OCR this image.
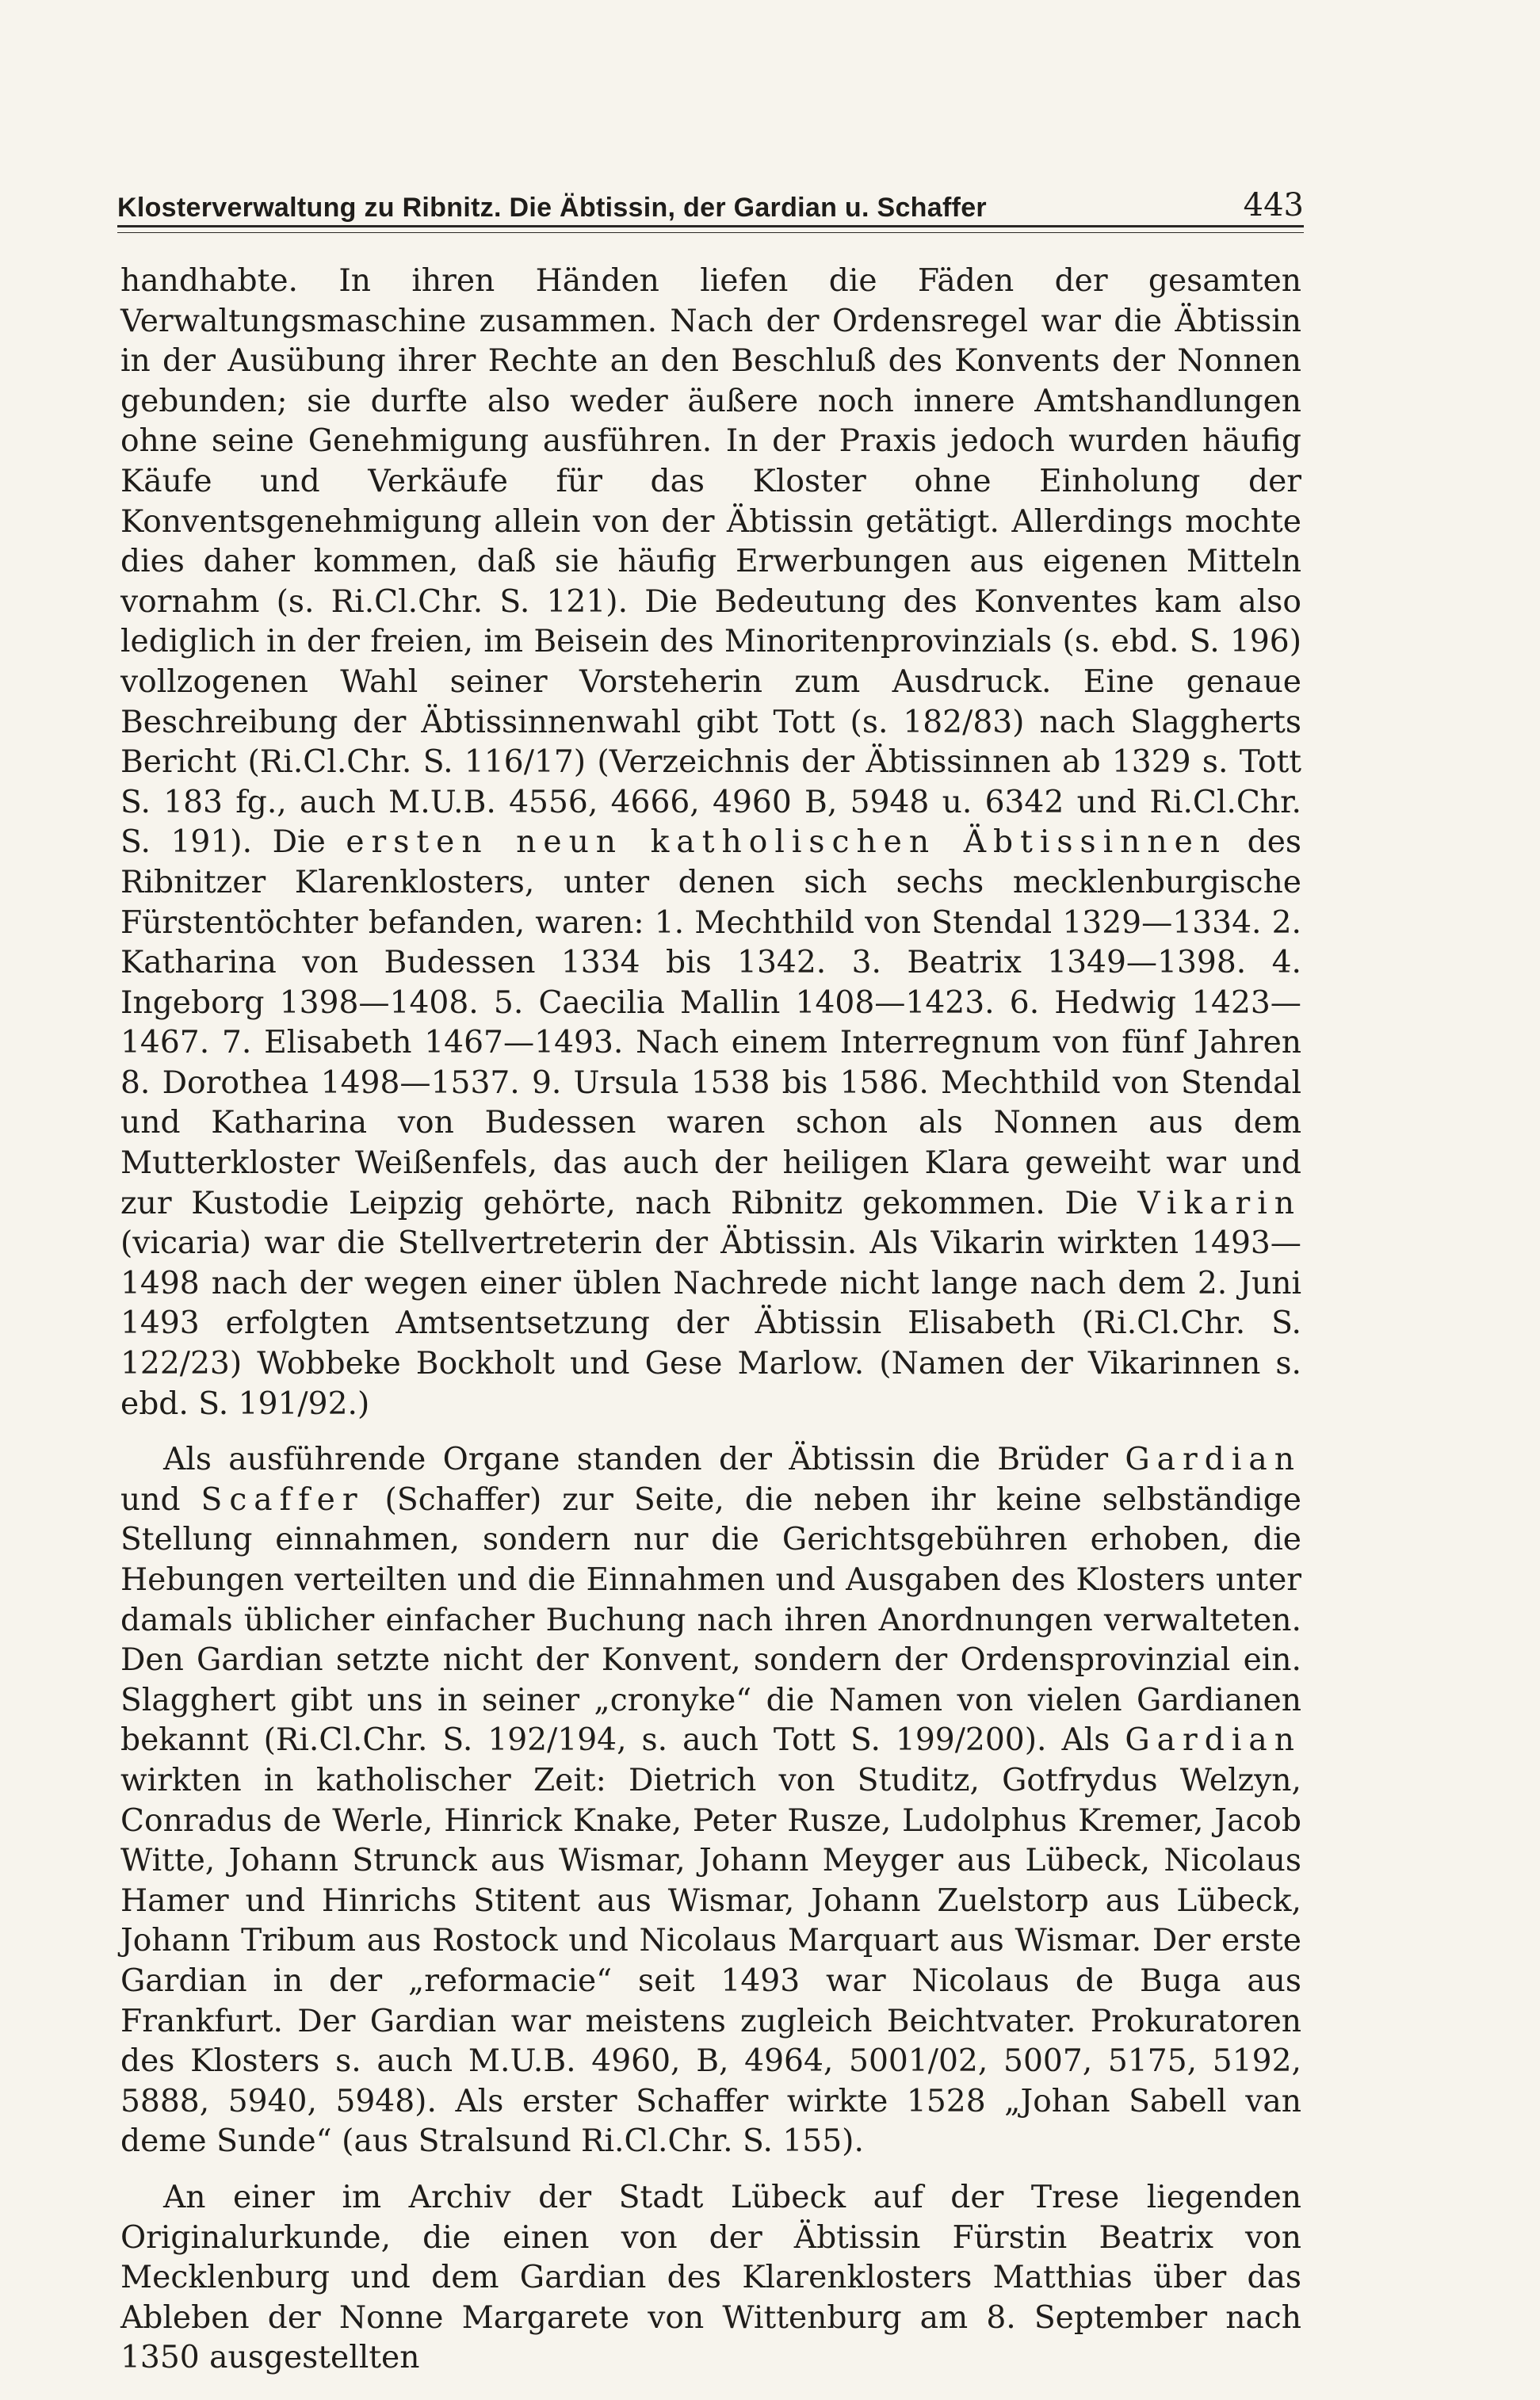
Klosterverwaltung zu Ribnitz. Die Äbtissin, der Gardian u. Schaffer	443

handhabte. In ihren Händen liefen die Fäden der gesamten Verwaltungsmaschine zusammen. Nach der Ordensregel war die Äbtissin in der Ausübung ihrer Rechte an den Beschluß des Konvents der Nonnen gebunden; sie durfte also weder äußere noch innere Amtshandlungen ohne seine Genehmigung ausführen. In der Praxis jedoch wurden häufig Käufe und Verkäufe für das Kloster ohne Einholung der Konventsgenehmigung allein von der Äbtissin getätigt. Allerdings mochte dies daher kommen, daß sie häufig Erwerbungen aus eigenen Mitteln vornahm (s. Ri.Cl.Chr. S. 121). Die Bedeutung des Konventes kam also lediglich in der freien, im Beisein des Minoritenprovinzials (s. ebd. S. 196) vollzogenen Wahl seiner Vorsteherin zum Ausdruck. Eine genaue Beschreibung der Äbtissinnenwahl gibt Tott (s. 182/83) nach Slaggherts Bericht (Ri.Cl.Chr. S. 116/17) (Verzeichnis der Äbtissinnen ab 1329 s. Tott S. 183 fg., auch M.U.B. 4556, 4666, 4960 B, 5948 u. 6342 und Ri.Cl.Chr. S. 191). Die ersten neun katholischen Äbtissinnen des Ribnitzer Klarenklosters, unter denen sich sechs mecklenburgische Fürstentöchter befanden, waren: 1. Mechthild von Stendal 1329—1334. 2. Katharina von Budessen 1334 bis 1342. 3. Beatrix 1349—1398. 4. Ingeborg 1398—1408. 5. Caecilia Mallin 1408—1423. 6. Hedwig 1423—1467. 7. Elisabeth 1467—1493. Nach einem Interregnum von fünf Jahren 8. Dorothea 1498—1537. 9. Ursula 1538 bis 1586. Mechthild von Stendal und Katharina von Budessen waren schon als Nonnen aus dem Mutterkloster Weißenfels, das auch der heiligen Klara geweiht war und zur Kustodie Leipzig gehörte, nach Ribnitz gekommen. Die Vikarin (vicaria) war die Stellvertreterin der Äbtissin. Als Vikarin wirkten 1493—1498 nach der wegen einer üblen Nachrede nicht lange nach dem 2. Juni 1493 erfolgten Amtsentsetzung der Äbtissin Elisabeth (Ri.Cl.Chr. S. 122/23) Wobbeke Bockholt und Gese Marlow. (Namen der Vikarinnen s. ebd. S. 191/92.)

Als ausführende Organe standen der Äbtissin die Brüder Gardian und Scaffer (Schaffer) zur Seite, die neben ihr keine selbständige Stellung einnahmen, sondern nur die Gerichtsgebühren erhoben, die Hebungen verteilten und die Einnahmen und Ausgaben des Klosters unter damals üblicher einfacher Buchung nach ihren Anordnungen verwalteten. Den Gardian setzte nicht der Konvent, sondern der Ordensprovinzial ein. Slagghert gibt uns in seiner „cronyke“ die Namen von vielen Gardianen bekannt (Ri.Cl.Chr. S. 192/194, s. auch Tott S. 199/200). Als Gardian wirkten in katholischer Zeit: Dietrich von Studitz, Gotfrydus Welzyn, Conradus de Werle, Hinrick Knake, Peter Rusze, Ludolphus Kremer, Jacob Witte, Johann Strunck aus Wismar, Johann Meyger aus Lübeck, Nicolaus Hamer und Hinrichs Stitent aus Wismar, Johann Zuelstorp aus Lübeck, Johann Tribum aus Rostock und Nicolaus Marquart aus Wismar. Der erste Gardian in der „reformacie“ seit 1493 war Nicolaus de Buga aus Frankfurt. Der Gardian war meistens zugleich Beichtvater. Prokuratoren des Klosters s. auch M.U.B. 4960, B, 4964, 5001/02, 5007, 5175, 5192, 5888, 5940, 5948). Als erster Schaffer wirkte 1528 „Johan Sabell van deme Sunde“ (aus Stralsund Ri.Cl.Chr. S. 155).

An einer im Archiv der Stadt Lübeck auf der Trese liegenden Originalurkunde, die einen von der Äbtissin Fürstin Beatrix von Mecklenburg und dem Gardian des Klarenklosters Matthias über das Ableben der Nonne Margarete von Wittenburg am 8. September nach 1350 ausgestellten
